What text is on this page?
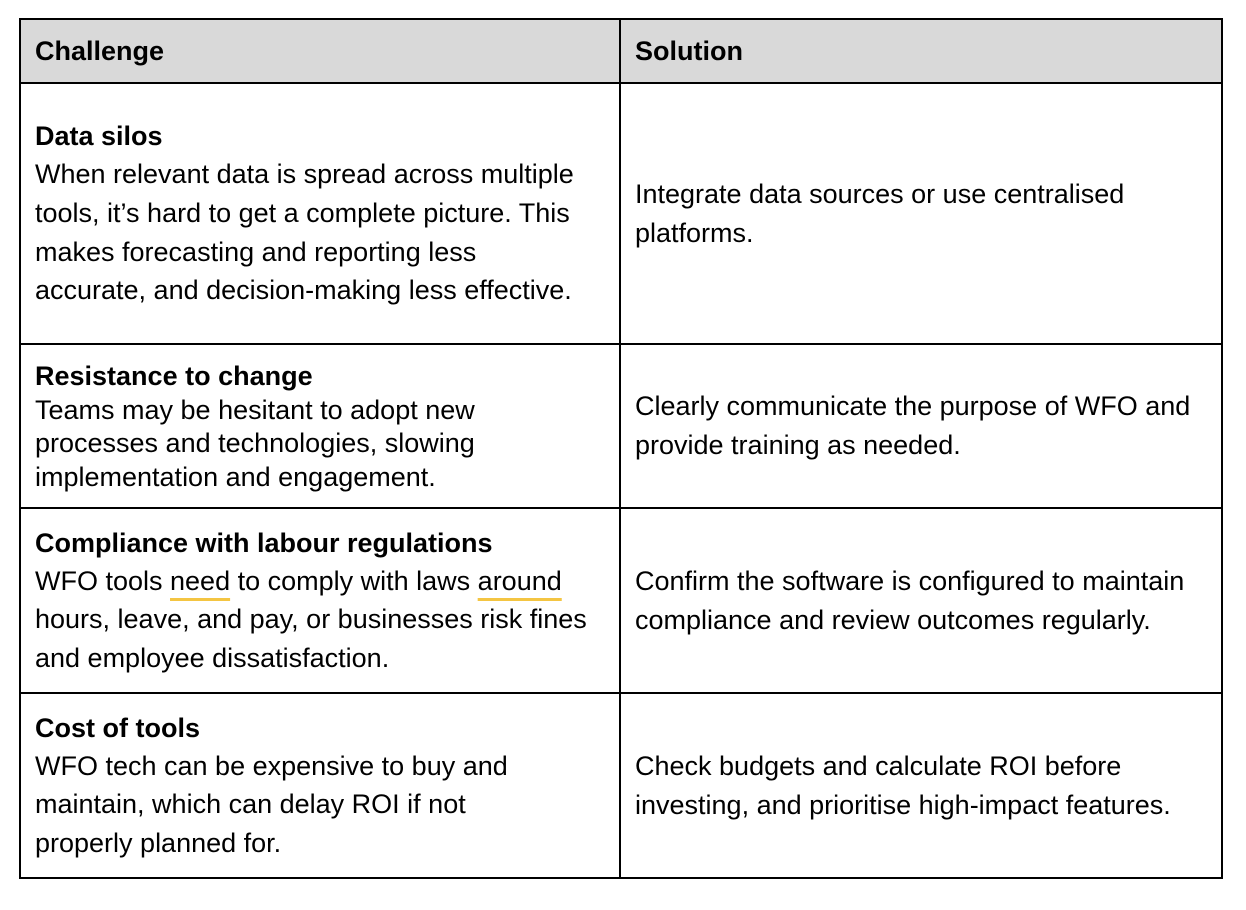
Challenge	Solution

Data silos
When relevant data is spread across multiple tools, it’s hard to get a complete picture. This makes forecasting and reporting less accurate, and decision-making less effective.	Integrate data sources or use centralised platforms.

Resistance to change
Teams may be hesitant to adopt new processes and technologies, slowing implementation and engagement.	Clearly communicate the purpose of WFO and provide training as needed.

Compliance with labour regulations
WFO tools need to comply with laws around hours, leave, and pay, or businesses risk fines and employee dissatisfaction.	Confirm the software is configured to maintain compliance and review outcomes regularly.

Cost of tools
WFO tech can be expensive to buy and maintain, which can delay ROI if not properly planned for.	Check budgets and calculate ROI before investing, and prioritise high-impact features.
